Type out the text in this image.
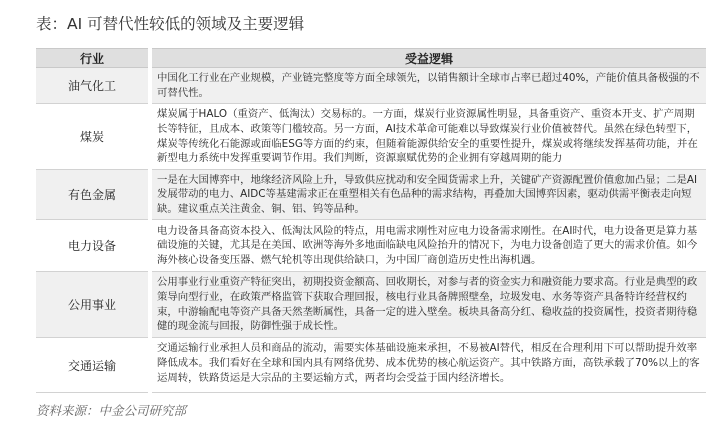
表：AI 可替代性较低的领域及主要逻辑
行业		受益逻辑
油气化工		中国化工行业在产业规模，产业链完整度等方面全球领先，以销售额计全球市占率已超过40%，产能价值具备极强的不可替代性。

煤炭		煤炭属于HALO（重资产、低淘汰）交易标的。一方面，煤炭行业资源属性明显，具备重资产、重资本开支、扩产周期长等特征，且成本、政策等门槛较高。另一方面，AI技术革命可能难以导致煤炭行业价值被替代。虽然在绿色转型下，煤炭等传统化石能源或面临ESG等方面的约束，但随着能源供给安全的重要性提升，煤炭或将继续发挥基荷功能，并在新型电力系统中发挥重要调节作用。我们判断，资源禀赋优势的企业拥有穿越周期的能力

有色金属		一是在大国博弈中，地缘经济风险上升，导致供应扰动和安全囤货需求上升，关键矿产资源配置价值愈加凸显；二是AI发展带动的电力、AIDC等基建需求正在重塑相关有色品种的需求结构，再叠加大国博弈因素，驱动供需平衡表走向短缺。建议重点关注黄金、铜、铝、钨等品种。

电力设备		电力设备具备高资本投入、低淘汰风险的特点，用电需求刚性对应电力设备需求刚性。在AI时代，电力设备更是算力基础设施的关键，尤其是在美国、欧洲等海外多地面临缺电风险抬升的情况下，为电力设备创造了更大的需求价值。如今海外核心设备变压器、燃气轮机等出现供给缺口，为中国厂商创造历史性出海机遇。

公用事业		公用事业行业重资产特征突出，初期投资金额高、回收期长，对参与者的资金实力和融资能力要求高。行业是典型的政策导向型行业，在政策严格监管下获取合理回报，核电行业具备牌照壁垒，垃圾发电、水务等资产具备特许经营权约束，中游输配电等资产具备天然垄断属性，具备一定的进入壁垒。板块具备高分红、稳收益的投资属性，投资者期待稳健的现金流与回报，防御性强于成长性。

交通运输		交通运输行业承担人员和商品的流动，需要实体基础设施来承担，不易被AI替代，相反在合理利用下可以帮助提升效率降低成本。我们看好在全球和国内具有网络优势、成本优势的核心航运资产。其中铁路方面，高铁承载了70%以上的客运周转，铁路货运是大宗品的主要运输方式，两者均会受益于国内经济增长。
资料来源：中金公司研究部
